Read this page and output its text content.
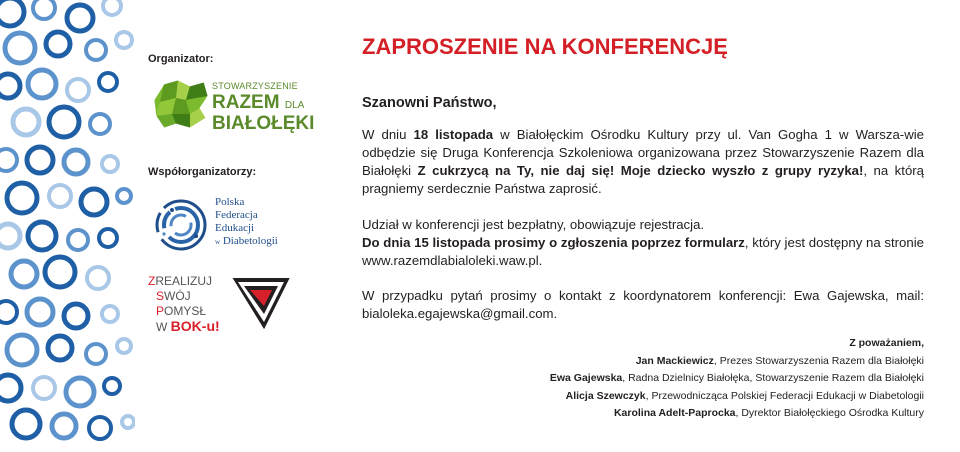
Organizator:
STOWARZYSZENIE
RAZEM DLA
BIAŁOŁĘKI
Współorganizatorzy:
Polska
Federacja
Edukacji
w Diabetologii
ZREALIZUJ
SWÓJ
POMYSŁ
W BOK-u!
ZAPROSZENIE NA KONFERENCJĘ
Szanowni Państwo,

W dniu 18 listopada w Białołęckim Ośrodku Kultury przy ul. Van Gogha 1 w Warsza-wie odbędzie się Druga Konferencja Szkoleniowa organizowana przez Stowarzyszenie Razem dla Białołęki Z cukrzycą na Ty, nie daj się! Moje dziecko wyszło z grupy ryzyka!, na którą pragniemy serdecznie Państwa zaprosić.

Udział w konferencji jest bezpłatny, obowiązuje rejestracja.
Do dnia 15 listopada prosimy o zgłoszenia poprzez formularz, który jest dostępny na stronie www.razemdlabialoleki.waw.pl.

W przypadku pytań prosimy o kontakt z koordynatorem konferencji: Ewa Gajewska, mail: bialoleka.egajewska@gmail.com.

Z poważaniem,
Jan Mackiewicz, Prezes Stowarzyszenia Razem dla Białołęki
Ewa Gajewska, Radna Dzielnicy Białołęka, Stowarzyszenie Razem dla Białołęki
Alicja Szewczyk, Przewodnicząca Polskiej Federacji Edukacji w Diabetologii
Karolina Adelt-Paprocka, Dyrektor Białołęckiego Ośrodka Kultury
